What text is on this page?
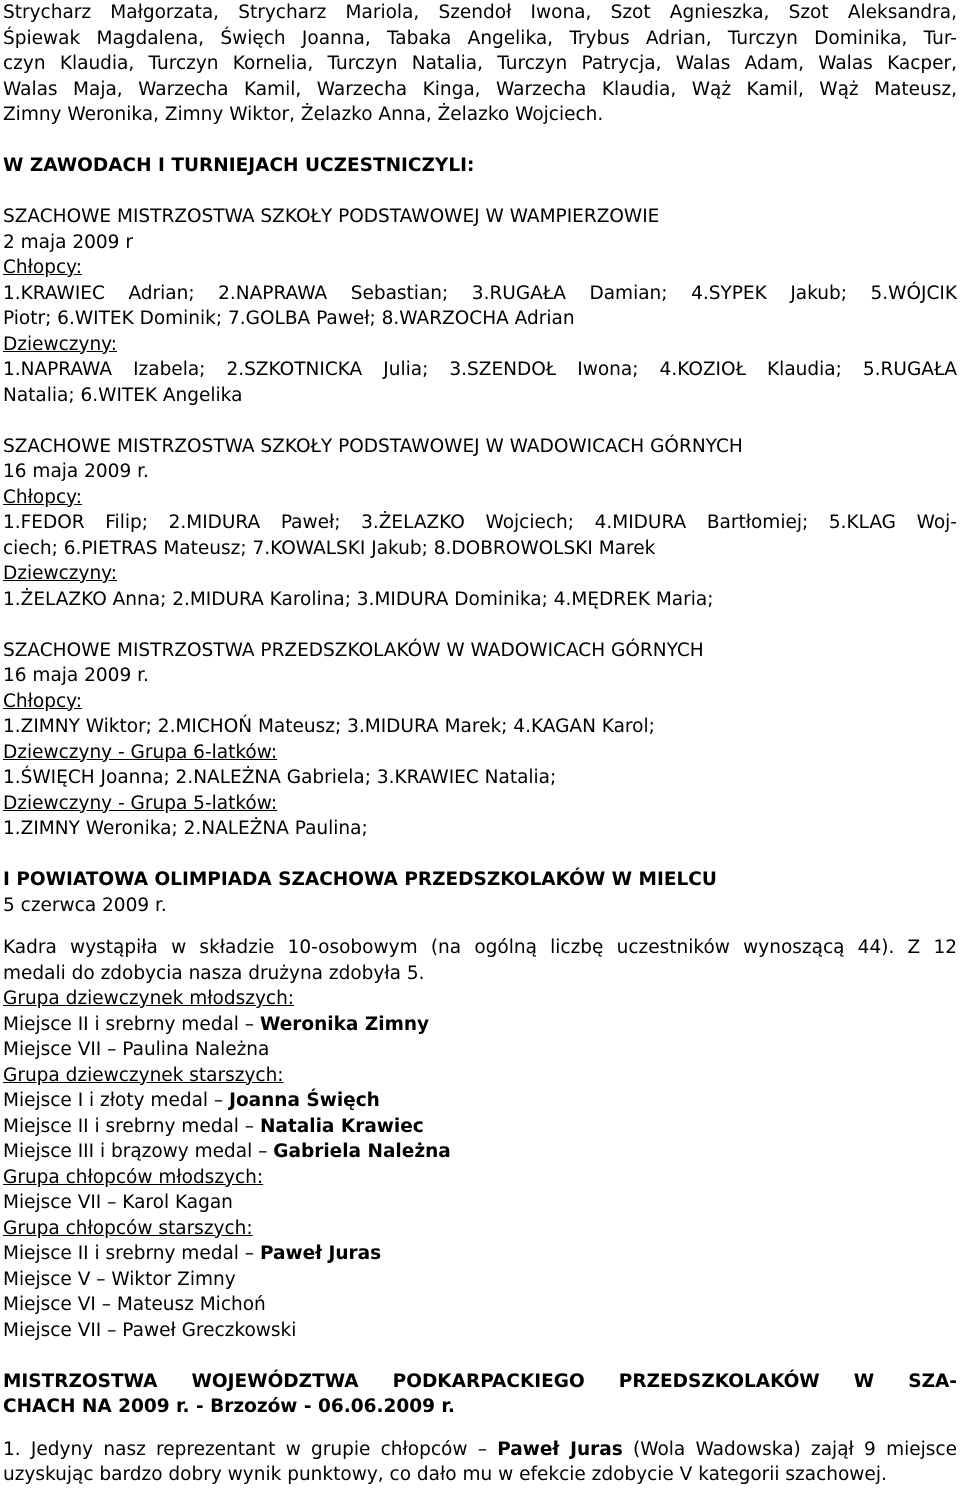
Strycharz Małgorzata, Strycharz Mariola, Szendoł Iwona, Szot Agnieszka, Szot Aleksandra,

Śpiewak Magdalena, Święch Joanna, Tabaka Angelika, Trybus Adrian, Turczyn Dominika, Tur-

czyn Klaudia, Turczyn Kornelia, Turczyn Natalia, Turczyn Patrycja, Walas Adam, Walas Kacper,

Walas Maja, Warzecha Kamil, Warzecha Kinga, Warzecha Klaudia, Wąż Kamil, Wąż Mateusz,

Zimny Weronika, Zimny Wiktor, Żelazko Anna, Żelazko Wojciech.

W ZAWODACH I TURNIEJACH UCZESTNICZYLI:

SZACHOWE MISTRZOSTWA SZKOŁY PODSTAWOWEJ W WAMPIERZOWIE

2 maja 2009 r

Chłopcy:

1.KRAWIEC Adrian; 2.NAPRAWA Sebastian; 3.RUGAŁA Damian; 4.SYPEK Jakub; 5.WÓJCIK

Piotr; 6.WITEK Dominik; 7.GOLBA Paweł; 8.WARZOCHA Adrian

Dziewczyny:

1.NAPRAWA Izabela; 2.SZKOTNICKA Julia; 3.SZENDOŁ Iwona; 4.KOZIOŁ Klaudia; 5.RUGAŁA

Natalia; 6.WITEK Angelika

SZACHOWE MISTRZOSTWA SZKOŁY PODSTAWOWEJ W WADOWICACH GÓRNYCH

16 maja 2009 r.

Chłopcy:

1.FEDOR Filip; 2.MIDURA Paweł; 3.ŻELAZKO Wojciech; 4.MIDURA Bartłomiej; 5.KLAG Woj-

ciech; 6.PIETRAS Mateusz; 7.KOWALSKI Jakub; 8.DOBROWOLSKI Marek

Dziewczyny:

1.ŻELAZKO Anna; 2.MIDURA Karolina; 3.MIDURA Dominika; 4.MĘDREK Maria;

SZACHOWE MISTRZOSTWA PRZEDSZKOLAKÓW W WADOWICACH GÓRNYCH

16 maja 2009 r.

Chłopcy:

1.ZIMNY Wiktor; 2.MICHOŃ Mateusz; 3.MIDURA Marek; 4.KAGAN Karol;

Dziewczyny - Grupa 6-latków:

1.ŚWIĘCH Joanna; 2.NALEŻNA Gabriela; 3.KRAWIEC Natalia;

Dziewczyny - Grupa 5-latków:

1.ZIMNY Weronika; 2.NALEŻNA Paulina;

I POWIATOWA OLIMPIADA SZACHOWA PRZEDSZKOLAKÓW W MIELCU

5 czerwca 2009 r.

Kadra wystąpiła w składzie 10-osobowym (na ogólną liczbę uczestników wynoszącą 44). Z 12

medali do zdobycia nasza drużyna zdobyła 5.

Grupa dziewczynek młodszych:

Miejsce II i srebrny medal – Weronika Zimny

Miejsce VII – Paulina Należna

Grupa dziewczynek starszych:

Miejsce I i złoty medal – Joanna Święch

Miejsce II i srebrny medal – Natalia Krawiec

Miejsce III i brązowy medal – Gabriela Należna

Grupa chłopców młodszych:

Miejsce VII – Karol Kagan

Grupa chłopców starszych:

Miejsce II i srebrny medal – Paweł Juras

Miejsce V – Wiktor Zimny

Miejsce VI – Mateusz Michoń

Miejsce VII – Paweł Greczkowski

MISTRZOSTWA WOJEWÓDZTWA PODKARPACKIEGO PRZEDSZKOLAKÓW W SZA-

CHACH NA 2009 r. - Brzozów - 06.06.2009 r.

1. Jedyny nasz reprezentant w grupie chłopców – Paweł Juras (Wola Wadowska) zajął 9 miejsce

uzyskując bardzo dobry wynik punktowy, co dało mu w efekcie zdobycie V kategorii szachowej.
